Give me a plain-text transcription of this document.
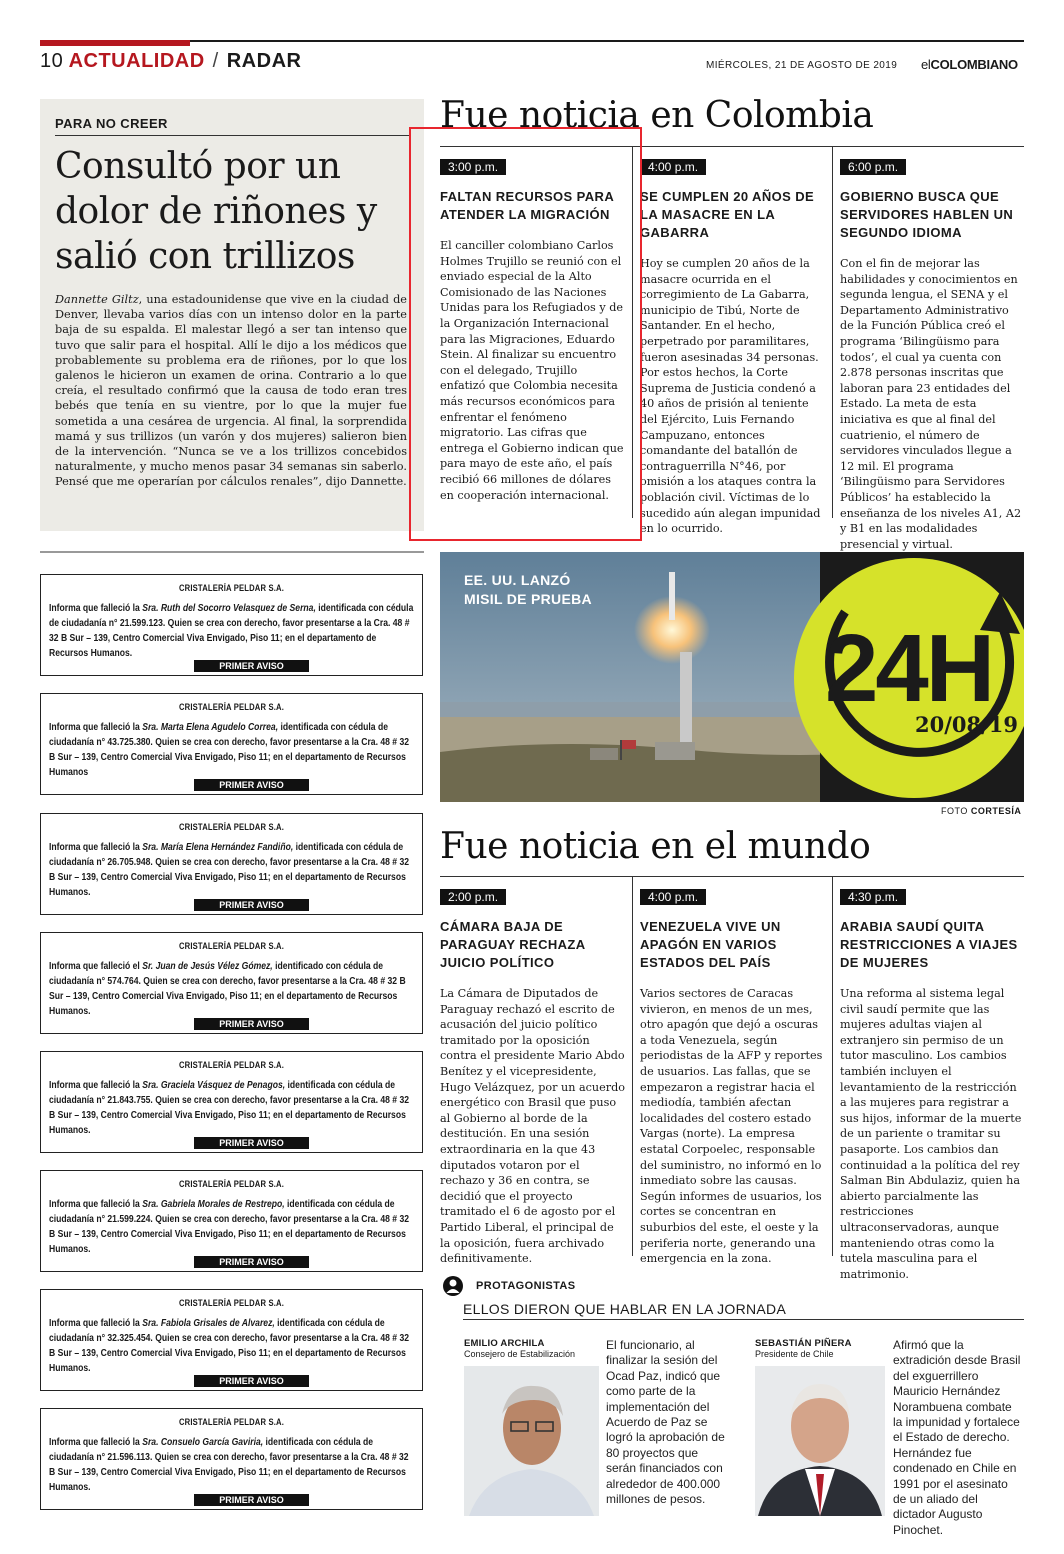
10 ACTUALIDAD / RADAR	MIÉRCOLES, 21 DE AGOSTO DE 2019 elCOLOMBIANO
PARA NO CREER
Consultó por un dolor de riñones y salió con trillizos
Dannette Giltz, una estadounidense que vive en la ciudad de Denver, llevaba varios días con un intenso dolor en la parte baja de su espalda. El malestar llegó a ser tan intenso que tuvo que salir para el hospital. Allí le dijo a los médicos que probablemente su problema era de riñones, por lo que los galenos le hicieron un examen de orina. Contrario a lo que creía, el resultado confirmó que la causa de todo eran tres bebés que tenía en su vientre, por lo que la mujer fue sometida a una cesárea de urgencia. Al final, la sorprendida mamá y sus trillizos (un varón y dos mujeres) salieron bien de la intervención. “Nunca se ve a los trillizos concebidos naturalmente, y mucho menos pasar 34 semanas sin saberlo. Pensé que me operarían por cálculos renales”, dijo Dannette.
Fue noticia en Colombia
3:00 p.m.
FALTAN RECURSOS PARA ATENDER LA MIGRACIÓN
El canciller colombiano Carlos Holmes Trujillo se reunió con el enviado especial de la Alto Comisionado de las Naciones Unidas para los Refugiados y de la Organización Internacional para las Migraciones, Eduardo Stein. Al finalizar su encuentro con el delegado, Trujillo enfatizó que Colombia necesita más recursos económicos para enfrentar el fenómeno migratorio. Las cifras que entrega el Gobierno indican que para mayo de este año, el país recibió 66 millones de dólares en cooperación internacional.
4:00 p.m.
SE CUMPLEN 20 AÑOS DE LA MASACRE EN LA GABARRA
Hoy se cumplen 20 años de la masacre ocurrida en el corregimiento de La Gabarra, municipio de Tibú, Norte de Santander. En el hecho, perpetrado por paramilitares, fueron asesinadas 34 personas. Por estos hechos, la Corte Suprema de Justicia condenó a 40 años de prisión al teniente del Ejército, Luis Fernando Campuzano, entonces comandante del batallón de contraguerrilla N°46, por omisión a los ataques contra la población civil. Víctimas de lo sucedido aún alegan impunidad en lo ocurrido.
6:00 p.m.
GOBIERNO BUSCA QUE SERVIDORES HABLEN UN SEGUNDO IDIOMA
Con el fin de mejorar las habilidades y conocimientos en segunda lengua, el SENA y el Departamento Administrativo de la Función Pública creó el programa ‘Bilingüismo para todos’, el cual ya cuenta con 2.878 personas inscritas que laboran para 23 entidades del Estado. La meta de esta iniciativa es que al final del cuatrienio, el número de servidores vinculados llegue a 12 mil. El programa ‘Bilingüismo para Servidores Públicos’ ha establecido la enseñanza de los niveles A1, A2 y B1 en las modalidades presencial y virtual.
CRISTALERÍA PELDAR S.A.
Informa que falleció la Sra. Ruth del Socorro Velasquez de Serna, identificada con cédula de ciudadanía n° 21.599.123. Quien se crea con derecho, favor presentarse a la Cra. 48 # 32 B Sur – 139, Centro Comercial Viva Envigado, Piso 11; en el departamento de Recursos Humanos.
PRIMER AVISO
CRISTALERÍA PELDAR S.A.
Informa que falleció la Sra. Marta Elena Agudelo Correa, identificada con cédula de ciudadanía n° 43.725.380. Quien se crea con derecho, favor presentarse a la Cra. 48 # 32 B Sur – 139, Centro Comercial Viva Envigado, Piso 11; en el departamento de Recursos Humanos
PRIMER AVISO
CRISTALERÍA PELDAR S.A.
Informa que falleció la Sra. María Elena Hernández Fandiño, identificada con cédula de ciudadanía n° 26.705.948. Quien se crea con derecho, favor presentarse a la Cra. 48 # 32 B Sur – 139, Centro Comercial Viva Envigado, Piso 11; en el departamento de Recursos Humanos.
PRIMER AVISO
CRISTALERÍA PELDAR S.A.
Informa que falleció el Sr. Juan de Jesús Vélez Gómez, identificado con cédula de ciudadanía n° 574.764. Quien se crea con derecho, favor presentarse a la Cra. 48 # 32 B Sur – 139, Centro Comercial Viva Envigado, Piso 11; en el departamento de Recursos Humanos.
PRIMER AVISO
CRISTALERÍA PELDAR S.A.
Informa que falleció la Sra. Graciela Vásquez de Penagos, identificada con cédula de ciudadanía n° 21.843.755. Quien se crea con derecho, favor presentarse a la Cra. 48 # 32 B Sur – 139, Centro Comercial Viva Envigado, Piso 11; en el departamento de Recursos Humanos.
PRIMER AVISO
CRISTALERÍA PELDAR S.A.
Informa que falleció la Sra. Gabriela Morales de Restrepo, identificada con cédula de ciudadanía n° 21.599.224. Quien se crea con derecho, favor presentarse a la Cra. 48 # 32 B Sur – 139, Centro Comercial Viva Envigado, Piso 11; en el departamento de Recursos Humanos.
PRIMER AVISO
CRISTALERÍA PELDAR S.A.
Informa que falleció la Sra. Fabiola Grisales de Alvarez, identificada con cédula de ciudadanía n° 32.325.454. Quien se crea con derecho, favor presentarse a la Cra. 48 # 32 B Sur – 139, Centro Comercial Viva Envigado, Piso 11; en el departamento de Recursos Humanos.
PRIMER AVISO
CRISTALERÍA PELDAR S.A.
Informa que falleció la Sra. Consuelo García Gaviria, identificada con cédula de ciudadanía n° 21.596.113. Quien se crea con derecho, favor presentarse a la Cra. 48 # 32 B Sur – 139, Centro Comercial Viva Envigado, Piso 11; en el departamento de Recursos Humanos.
PRIMER AVISO
24H
20/08/19
EE. UU. LANZÓ
MISIL DE PRUEBA
FOTO CORTESÍA
Fue noticia en el mundo
2:00 p.m.
CÁMARA BAJA DE PARAGUAY RECHAZA JUICIO POLÍTICO
La Cámara de Diputados de Paraguay rechazó el escrito de acusación del juicio político tramitado por la oposición contra el presidente Mario Abdo Benítez y el vicepresidente, Hugo Velázquez, por un acuerdo energético con Brasil que puso al Gobierno al borde de la destitución. En una sesión extraordinaria en la que 43 diputados votaron por el rechazo y 36 en contra, se decidió que el proyecto tramitado el 6 de agosto por el Partido Liberal, el principal de la oposición, fuera archivado definitivamente.
4:00 p.m.
VENEZUELA VIVE UN APAGÓN EN VARIOS ESTADOS DEL PAÍS
Varios sectores de Caracas vivieron, en menos de un mes, otro apagón que dejó a oscuras a toda Venezuela, según periodistas de la AFP y reportes de usuarios. Las fallas, que se empezaron a registrar hacia el mediodía, también afectan localidades del costero estado Vargas (norte). La empresa estatal Corpoelec, responsable del suministro, no informó en lo inmediato sobre las causas. Según informes de usuarios, los cortes se concentran en suburbios del este, el oeste y la periferia norte, generando una emergencia en la zona.
4:30 p.m.
ARABIA SAUDÍ QUITA RESTRICCIONES A VIAJES DE MUJERES
Una reforma al sistema legal civil saudí permite que las mujeres adultas viajen al extranjero sin permiso de un tutor masculino. Los cambios también incluyen el levantamiento de la restricción a las mujeres para registrar a sus hijos, informar de la muerte de un pariente o tramitar su pasaporte. Los cambios dan continuidad a la política del rey Salman Bin Abdulaziz, quien ha abierto parcialmente las restricciones ultraconservadoras, aunque manteniendo otras como la tutela masculina para el matrimonio.
PROTAGONISTAS
ELLOS DIERON QUE HABLAR EN LA JORNADA
EMILIO ARCHILA
Consejero de Estabilización
El funcionario, al finalizar la sesión del Ocad Paz, indicó que como parte de la implementación del Acuerdo de Paz se logró la aprobación de 80 proyectos que serán financiados con alrededor de 400.000 millones de pesos.
SEBASTIÁN PIÑERA
Presidente de Chile
Afirmó que la extradición desde Brasil del exguerrillero Mauricio Hernández Norambuena combate la impunidad y fortalece el Estado de derecho. Hernández fue condenado en Chile en 1991 por el asesinato de un aliado del dictador Augusto Pinochet.
